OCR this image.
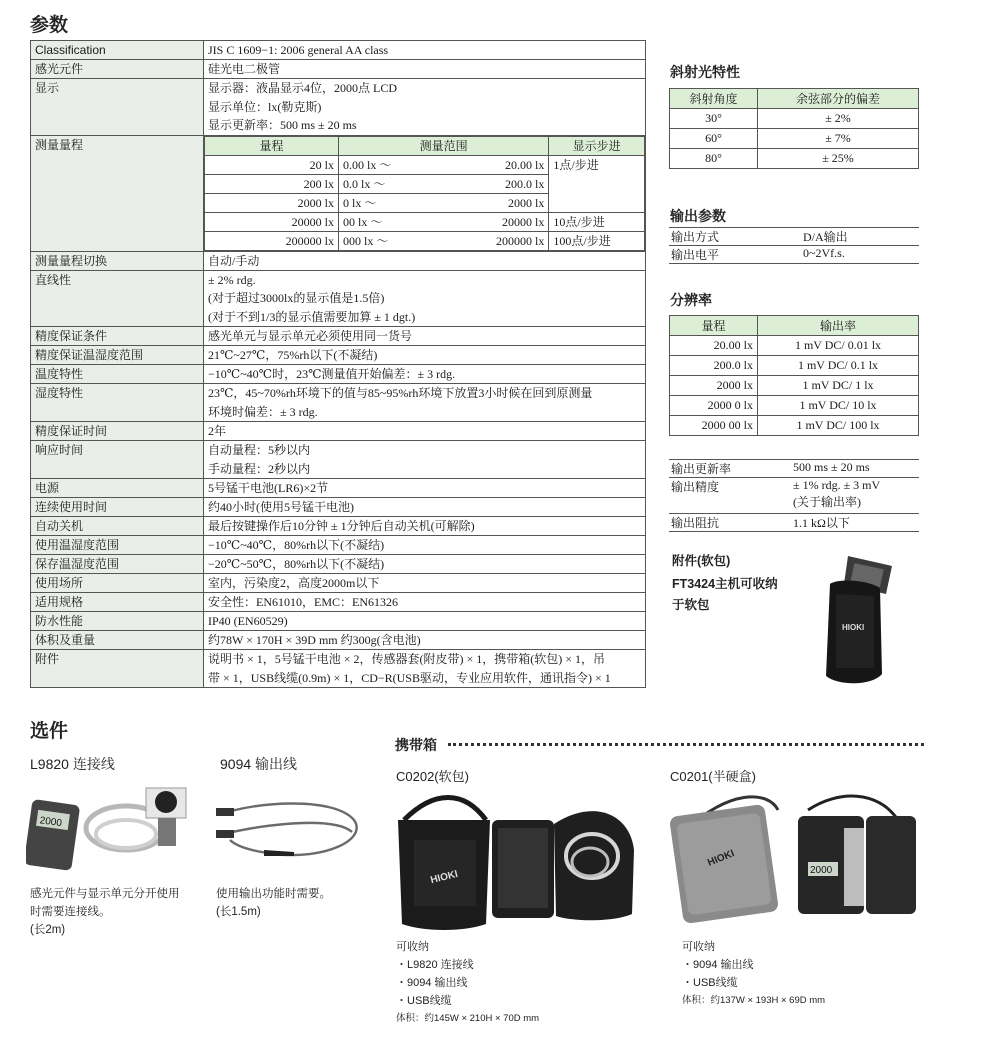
参数
Classification	JIS C 1609−1: 2006 general AA class
感光元件	硅光电二极管
显示	显示器：液晶显示4位，2000点 LCD
显示单位：lx(勒克斯)
显示更新率：500 ms ± 20 ms

测量量程		量程	测量范围	显示步进
20 lx	0.00 lx ～	20.00 lx	1点/步进
200 lx	0.0 lx ～	200.0 lx
2000 lx	0 lx ～	2000 lx
20000 lx	00 lx ～	20000 lx	10点/步进
200000 lx	000 lx ～	200000 lx	100点/步进

测量量程切换	自动/手动
直线性	± 2% rdg.
(对于超过3000lx的显示值是1.5倍)
(对于不到1/3的显示值需要加算 ± 1 dgt.)

精度保证条件	感光单元与显示单元必须使用同一货号
精度保证温湿度范围	21℃~27℃，75%rh以下(不凝结)
温度特性	−10℃~40℃时，23℃测量值开始偏差：± 3 rdg.
湿度特性	23℃，45~70%rh环境下的值与85~95%rh环境下放置3小时候在回到原测量
环境时偏差：± 3 rdg.

精度保证时间	2年
响应时间	自动量程：5秒以内
手动量程：2秒以内

电源	5号锰干电池(LR6)×2节
连续使用时间	约40小时(使用5号锰干电池)
自动关机	最后按键操作后10分钟 ± 1分钟后自动关机(可解除)
使用温湿度范围	−10℃~40℃，80%rh以下(不凝结)
保存温湿度范围	−20℃~50℃，80%rh以下(不凝结)
使用场所	室内，污染度2，高度2000m以下
适用规格	安全性：EN61010，EMC：EN61326
防水性能	IP40 (EN60529)
体积及重量	约78W × 170H × 39D mm 约300g(含电池)
附件	说明书 × 1，5号锰干电池 × 2，传感器套(附皮带) × 1，携带箱(软包) × 1，吊
带 × 1，USB线缆(0.9m) × 1，CD−R(USB驱动，专业应用软件，通讯指令) × 1
斜射光特性
斜射角度	余弦部分的偏差
30°	± 2%
60°	± 7%
80°	± 25%
输出参数
输出方式	D/A输出
输出电平	0~2Vf.s.
分辨率
量程	输出率
20.00 lx	1 mV DC/ 0.01 lx
200.0 lx	1 mV DC/ 0.1 lx
2000 lx	1 mV DC/ 1 lx
2000 0 lx	1 mV DC/ 10 lx
2000 00 lx	1 mV DC/ 100 lx
输出更新率	500 ms ± 20 ms
输出精度	± 1% rdg. ± 3 mV
	(关于输出率)
输出阻抗	1.1 kΩ以下
附件(软包)
FT3424主机可收纳
于软包
HIOKI
选件
L9820 连接线
2000
感光元件与显示单元分开使用
时需要连接线。
(长2m)
9094 输出线
使用输出功能时需要。
(长1.5m)
携带箱
C0202(软包)
HIOKI
可收纳
・L9820 连接线
・9094 输出线
・USB线缆
体积：约145W × 210H × 70D mm
C0201(半硬盒)
HIOKI
2000
可收纳
・9094 输出线
・USB线缆
体积：约137W × 193H × 69D mm
